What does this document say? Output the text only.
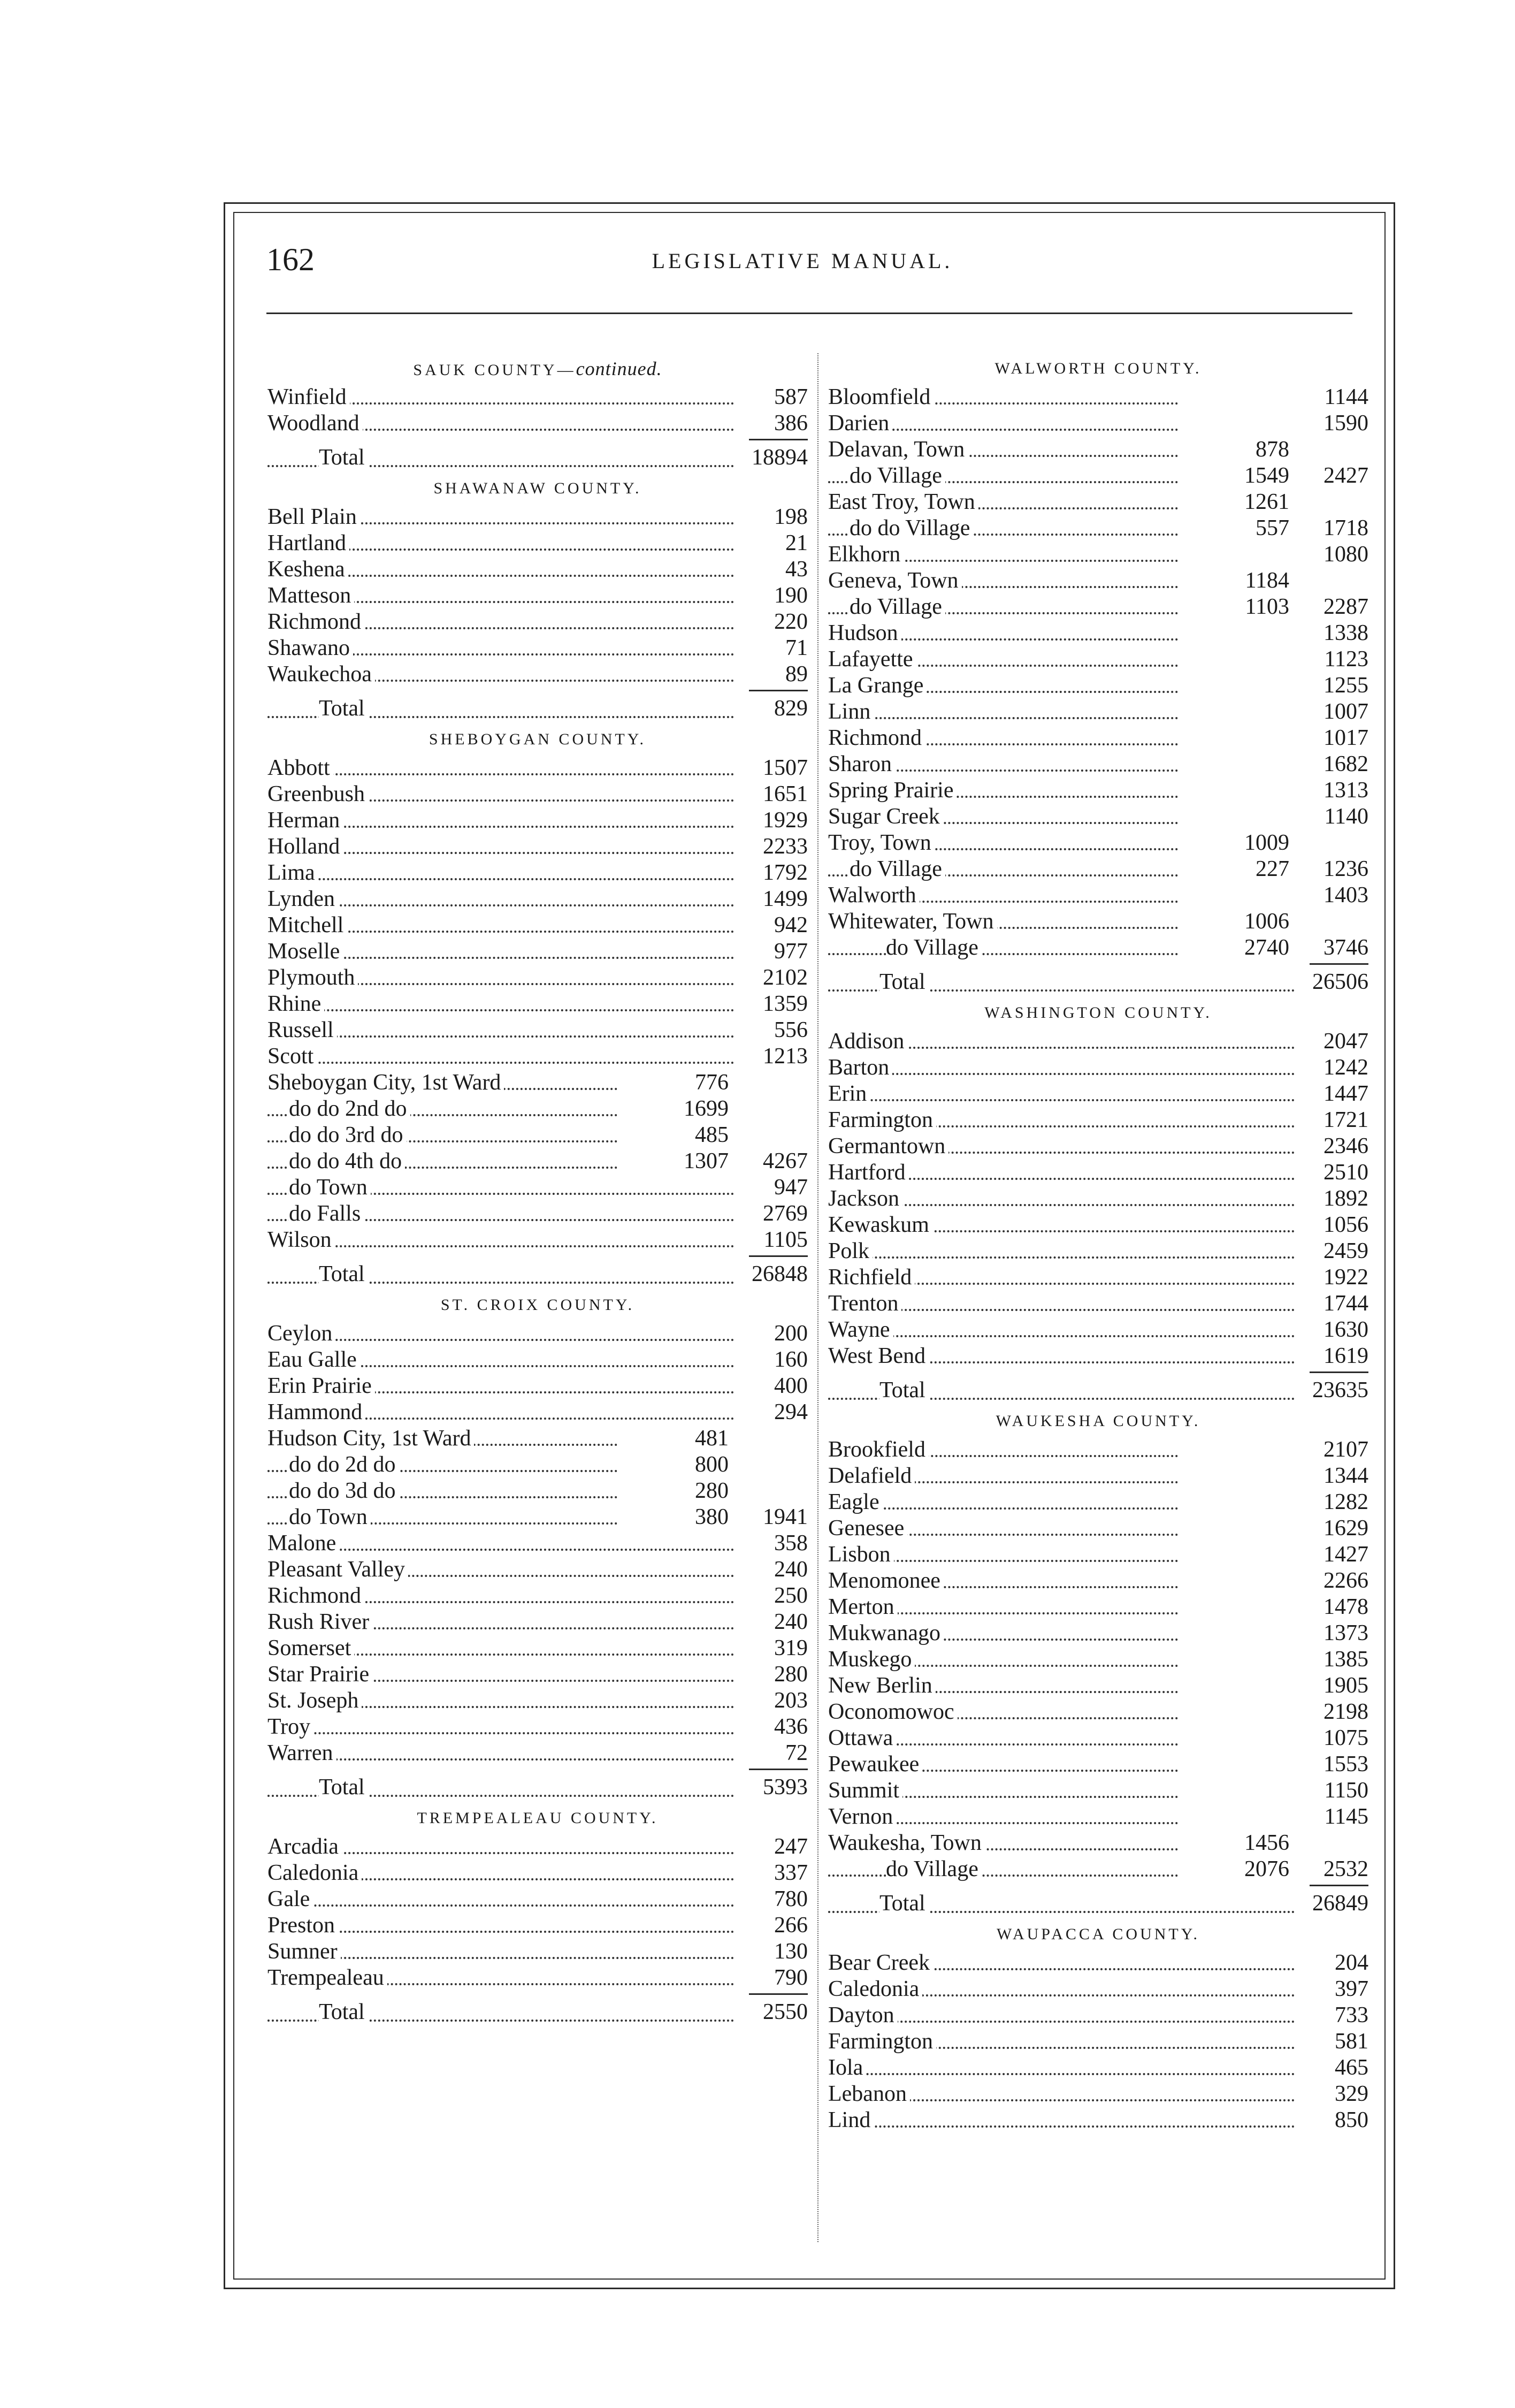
162	LEGISLATIVE MANUAL.
SAUK COUNTY—continued.
Winfield	587
Woodland	386
Total	18894
SHAWANAW COUNTY.
Bell Plain	198
Hartland	21
Keshena	43
Matteson	190
Richmond	220
Shawano	71
Waukechoa	89
Total	829
SHEBOYGAN COUNTY.
Abbott	1507
Greenbush	1651
Herman	1929
Holland	2233
Lima	1792
Lynden	1499
Mitchell	942
Moselle	977
Plymouth	2102
Rhine	1359
Russell	556
Scott	1213
Sheboygan City, 1st Ward	776
do do 2nd do	1699
do do 3rd do	485
do do 4th do	1307	4267
do Town	947
do Falls	2769
Wilson	1105
Total	26848
ST. CROIX COUNTY.
Ceylon	200
Eau Galle	160
Erin Prairie	400
Hammond	294
Hudson City, 1st Ward	481
do do 2d do	800
do do 3d do	280
do Town	380	1941
Malone	358
Pleasant Valley	240
Richmond	250
Rush River	240
Somerset	319
Star Prairie	280
St. Joseph	203
Troy	436
Warren	72
Total	5393
TREMPEALEAU COUNTY.
Arcadia	247
Caledonia	337
Gale	780
Preston	266
Sumner	130
Trempealeau	790
Total	2550
WALWORTH COUNTY.
Bloomfield	1144
Darien	1590
Delavan, Town	878
do Village	1549	2427
East Troy, Town	1261
do do Village	557	1718
Elkhorn	1080
Geneva, Town	1184
do Village	1103	2287
Hudson	1338
Lafayette	1123
La Grange	1255
Linn	1007
Richmond	1017
Sharon	1682
Spring Prairie	1313
Sugar Creek	1140
Troy, Town	1009
do Village	227	1236
Walworth	1403
Whitewater, Town	1006
do Village	2740	3746
Total	26506
WASHINGTON COUNTY.
Addison	2047
Barton	1242
Erin	1447
Farmington	1721
Germantown	2346
Hartford	2510
Jackson	1892
Kewaskum	1056
Polk	2459
Richfield	1922
Trenton	1744
Wayne	1630
West Bend	1619
Total	23635
WAUKESHA COUNTY.
Brookfield	2107
Delafield	1344
Eagle	1282
Genesee	1629
Lisbon	1427
Menomonee	2266
Merton	1478
Mukwanago	1373
Muskego	1385
New Berlin	1905
Oconomowoc	2198
Ottawa	1075
Pewaukee	1553
Summit	1150
Vernon	1145
Waukesha, Town	1456
do Village	2076	2532
Total	26849
WAUPACCA COUNTY.
Bear Creek	204
Caledonia	397
Dayton	733
Farmington	581
Iola	465
Lebanon	329
Lind	850
